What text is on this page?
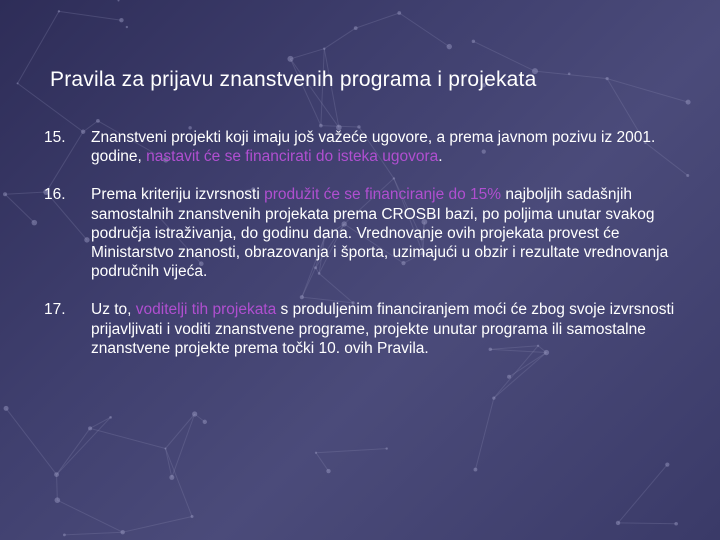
Pravila za prijavu znanstvenih programa i projekata
15. Znanstveni projekti koji imaju još važeće ugovore, a prema javnom pozivu iz 2001. godine, nastavit će se financirati do isteka ugovora.
16. Prema kriteriju izvrsnosti produžit će se financiranje do 15% najboljih sadašnjih samostalnih znanstvenih projekata prema CROSBI bazi, po poljima unutar svakog područja istraživanja, do godinu dana. Vrednovanje ovih projekata provest će Ministarstvo znanosti, obrazovanja i športa, uzimajući u obzir i rezultate vrednovanja područnih vijeća.
17. Uz to, voditelji tih projekata s produljenim financiranjem moći će zbog svoje izvrsnosti prijavljivati i voditi znanstvene programe, projekte unutar programa ili samostalne znanstvene projekte prema točki 10. ovih Pravila.
